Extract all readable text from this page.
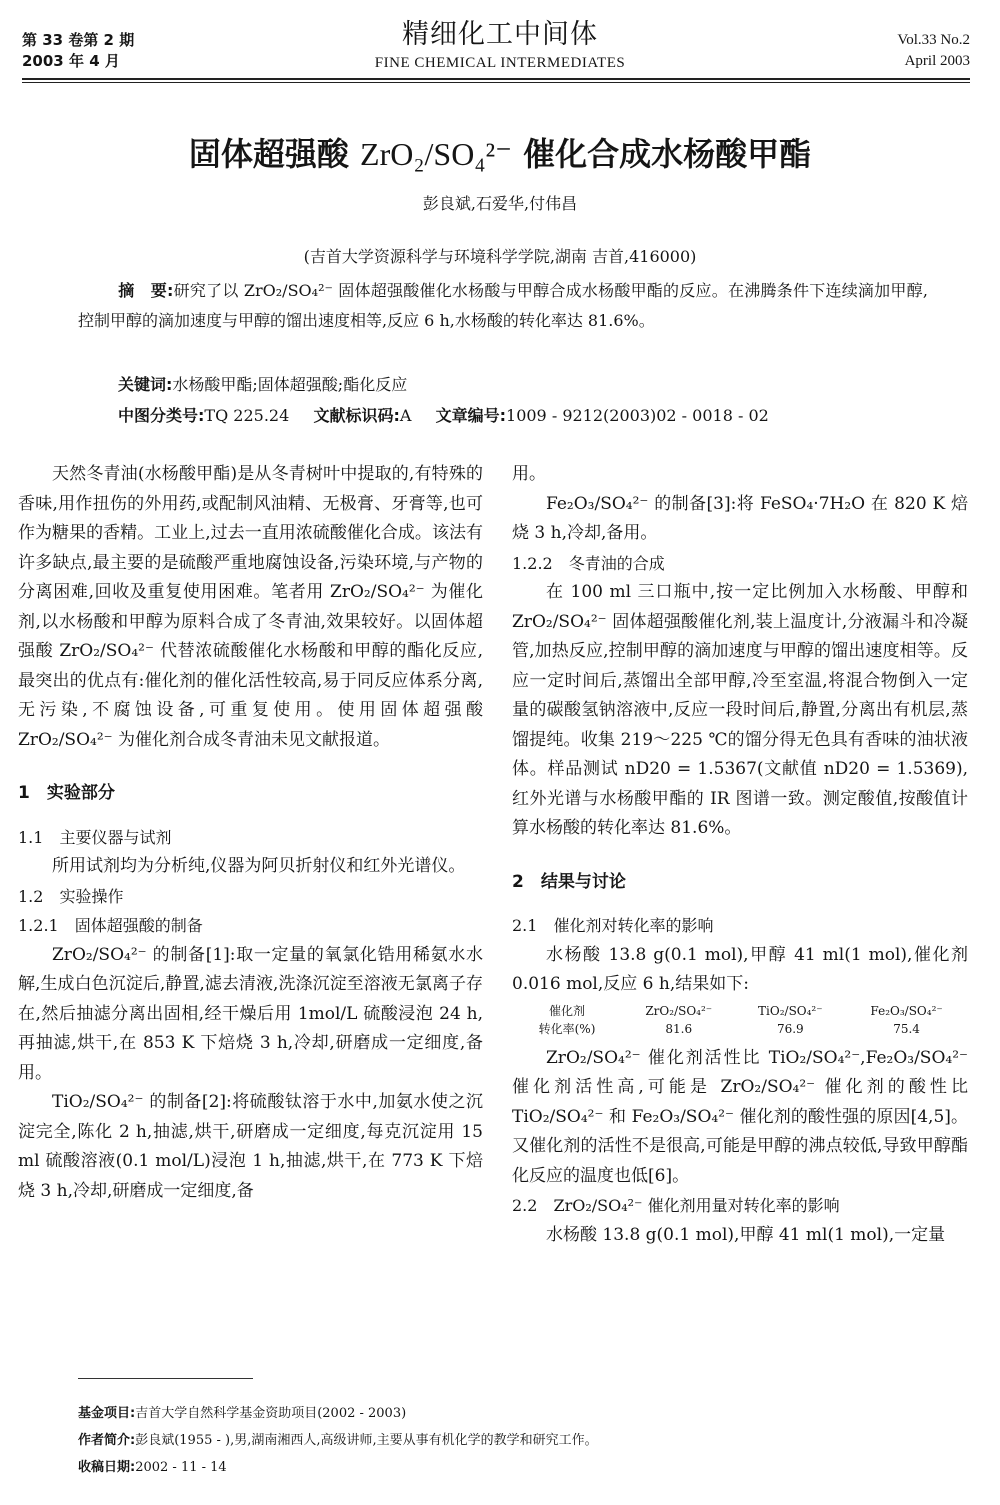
第 33 卷第 2 期
2003 年 4 月
精细化工中间体
FINE CHEMICAL INTERMEDIATES
Vol.33 No.2
April 2003
固体超强酸 ZrO₂/SO₄²⁻ 催化合成水杨酸甲酯
彭良斌,石爱华,付伟昌
(吉首大学资源科学与环境科学学院,湖南 吉首,416000)
摘　要:研究了以 ZrO₂/SO₄²⁻ 固体超强酸催化水杨酸与甲醇合成水杨酸甲酯的反应。在沸腾条件下连续滴加甲醇,控制甲醇的滴加速度与甲醇的馏出速度相等,反应 6 h,水杨酸的转化率达 81.6%。
关键词:水杨酸甲酯;固体超强酸;酯化反应
中图分类号:TQ 225.24 文献标识码:A 文章编号:1009 - 9212(2003)02 - 0018 - 02

天然冬青油(水杨酸甲酯)是从冬青树叶中提取的,有特殊的香味,用作扭伤的外用药,或配制风油精、无极膏、牙膏等,也可作为糖果的香精。工业上,过去一直用浓硫酸催化合成。该法有许多缺点,最主要的是硫酸严重地腐蚀设备,污染环境,与产物的分离困难,回收及重复使用困难。笔者用 ZrO₂/SO₄²⁻ 为催化剂,以水杨酸和甲醇为原料合成了冬青油,效果较好。以固体超强酸 ZrO₂/SO₄²⁻ 代替浓硫酸催化水杨酸和甲醇的酯化反应,最突出的优点有:催化剂的催化活性较高,易于同反应体系分离,无污染,不腐蚀设备,可重复使用。使用固体超强酸 ZrO₂/SO₄²⁻ 为催化剂合成冬青油未见文献报道。

1　实验部分

1.1　主要仪器与试剂

所用试剂均为分析纯,仪器为阿贝折射仪和红外光谱仪。

1.2　实验操作

1.2.1　固体超强酸的制备

ZrO₂/SO₄²⁻ 的制备[1]:取一定量的氧氯化锆用稀氨水水解,生成白色沉淀后,静置,滤去清液,洗涤沉淀至溶液无氯离子存在,然后抽滤分离出固相,经干燥后用 1mol/L 硫酸浸泡 24 h,再抽滤,烘干,在 853 K 下焙烧 3 h,冷却,研磨成一定细度,备用。

TiO₂/SO₄²⁻ 的制备[2]:将硫酸钛溶于水中,加氨水使之沉淀完全,陈化 2 h,抽滤,烘干,研磨成一定细度,每克沉淀用 15 ml 硫酸溶液(0.1 mol/L)浸泡 1 h,抽滤,烘干,在 773 K 下焙烧 3 h,冷却,研磨成一定细度,备

用。

Fe₂O₃/SO₄²⁻ 的制备[3]:将 FeSO₄·7H₂O 在 820 K 焙烧 3 h,冷却,备用。

1.2.2　冬青油的合成

在 100 ml 三口瓶中,按一定比例加入水杨酸、甲醇和 ZrO₂/SO₄²⁻ 固体超强酸催化剂,装上温度计,分液漏斗和冷凝管,加热反应,控制甲醇的滴加速度与甲醇的馏出速度相等。反应一定时间后,蒸馏出全部甲醇,冷至室温,将混合物倒入一定量的碳酸氢钠溶液中,反应一段时间后,静置,分离出有机层,蒸馏提纯。收集 219～225 ℃的馏分得无色具有香味的油状液体。样品测试 nD20 = 1.5367(文献值 nD20 = 1.5369),红外光谱与水杨酸甲酯的 IR 图谱一致。测定酸值,按酸值计算水杨酸的转化率达 81.6%。

2　结果与讨论

2.1　催化剂对转化率的影响

水杨酸 13.8 g(0.1 mol),甲醇 41 ml(1 mol),催化剂 0.016 mol,反应 6 h,结果如下:

催化剂	ZrO₂/SO₄²⁻	TiO₂/SO₄²⁻	Fe₂O₃/SO₄²⁻
转化率(%)	81.6	76.9	75.4

ZrO₂/SO₄²⁻ 催化剂活性比 TiO₂/SO₄²⁻,Fe₂O₃/SO₄²⁻ 催化剂活性高,可能是 ZrO₂/SO₄²⁻ 催化剂的酸性比 TiO₂/SO₄²⁻ 和 Fe₂O₃/SO₄²⁻ 催化剂的酸性强的原因[4,5]。又催化剂的活性不是很高,可能是甲醇的沸点较低,导致甲醇酯化反应的温度也低[6]。

2.2　ZrO₂/SO₄²⁻ 催化剂用量对转化率的影响

水杨酸 13.8 g(0.1 mol),甲醇 41 ml(1 mol),一定量

基金项目:吉首大学自然科学基金资助项目(2002 - 2003)
作者简介:彭良斌(1955 - ),男,湖南湘西人,高级讲师,主要从事有机化学的教学和研究工作。
收稿日期:2002 - 11 - 14
